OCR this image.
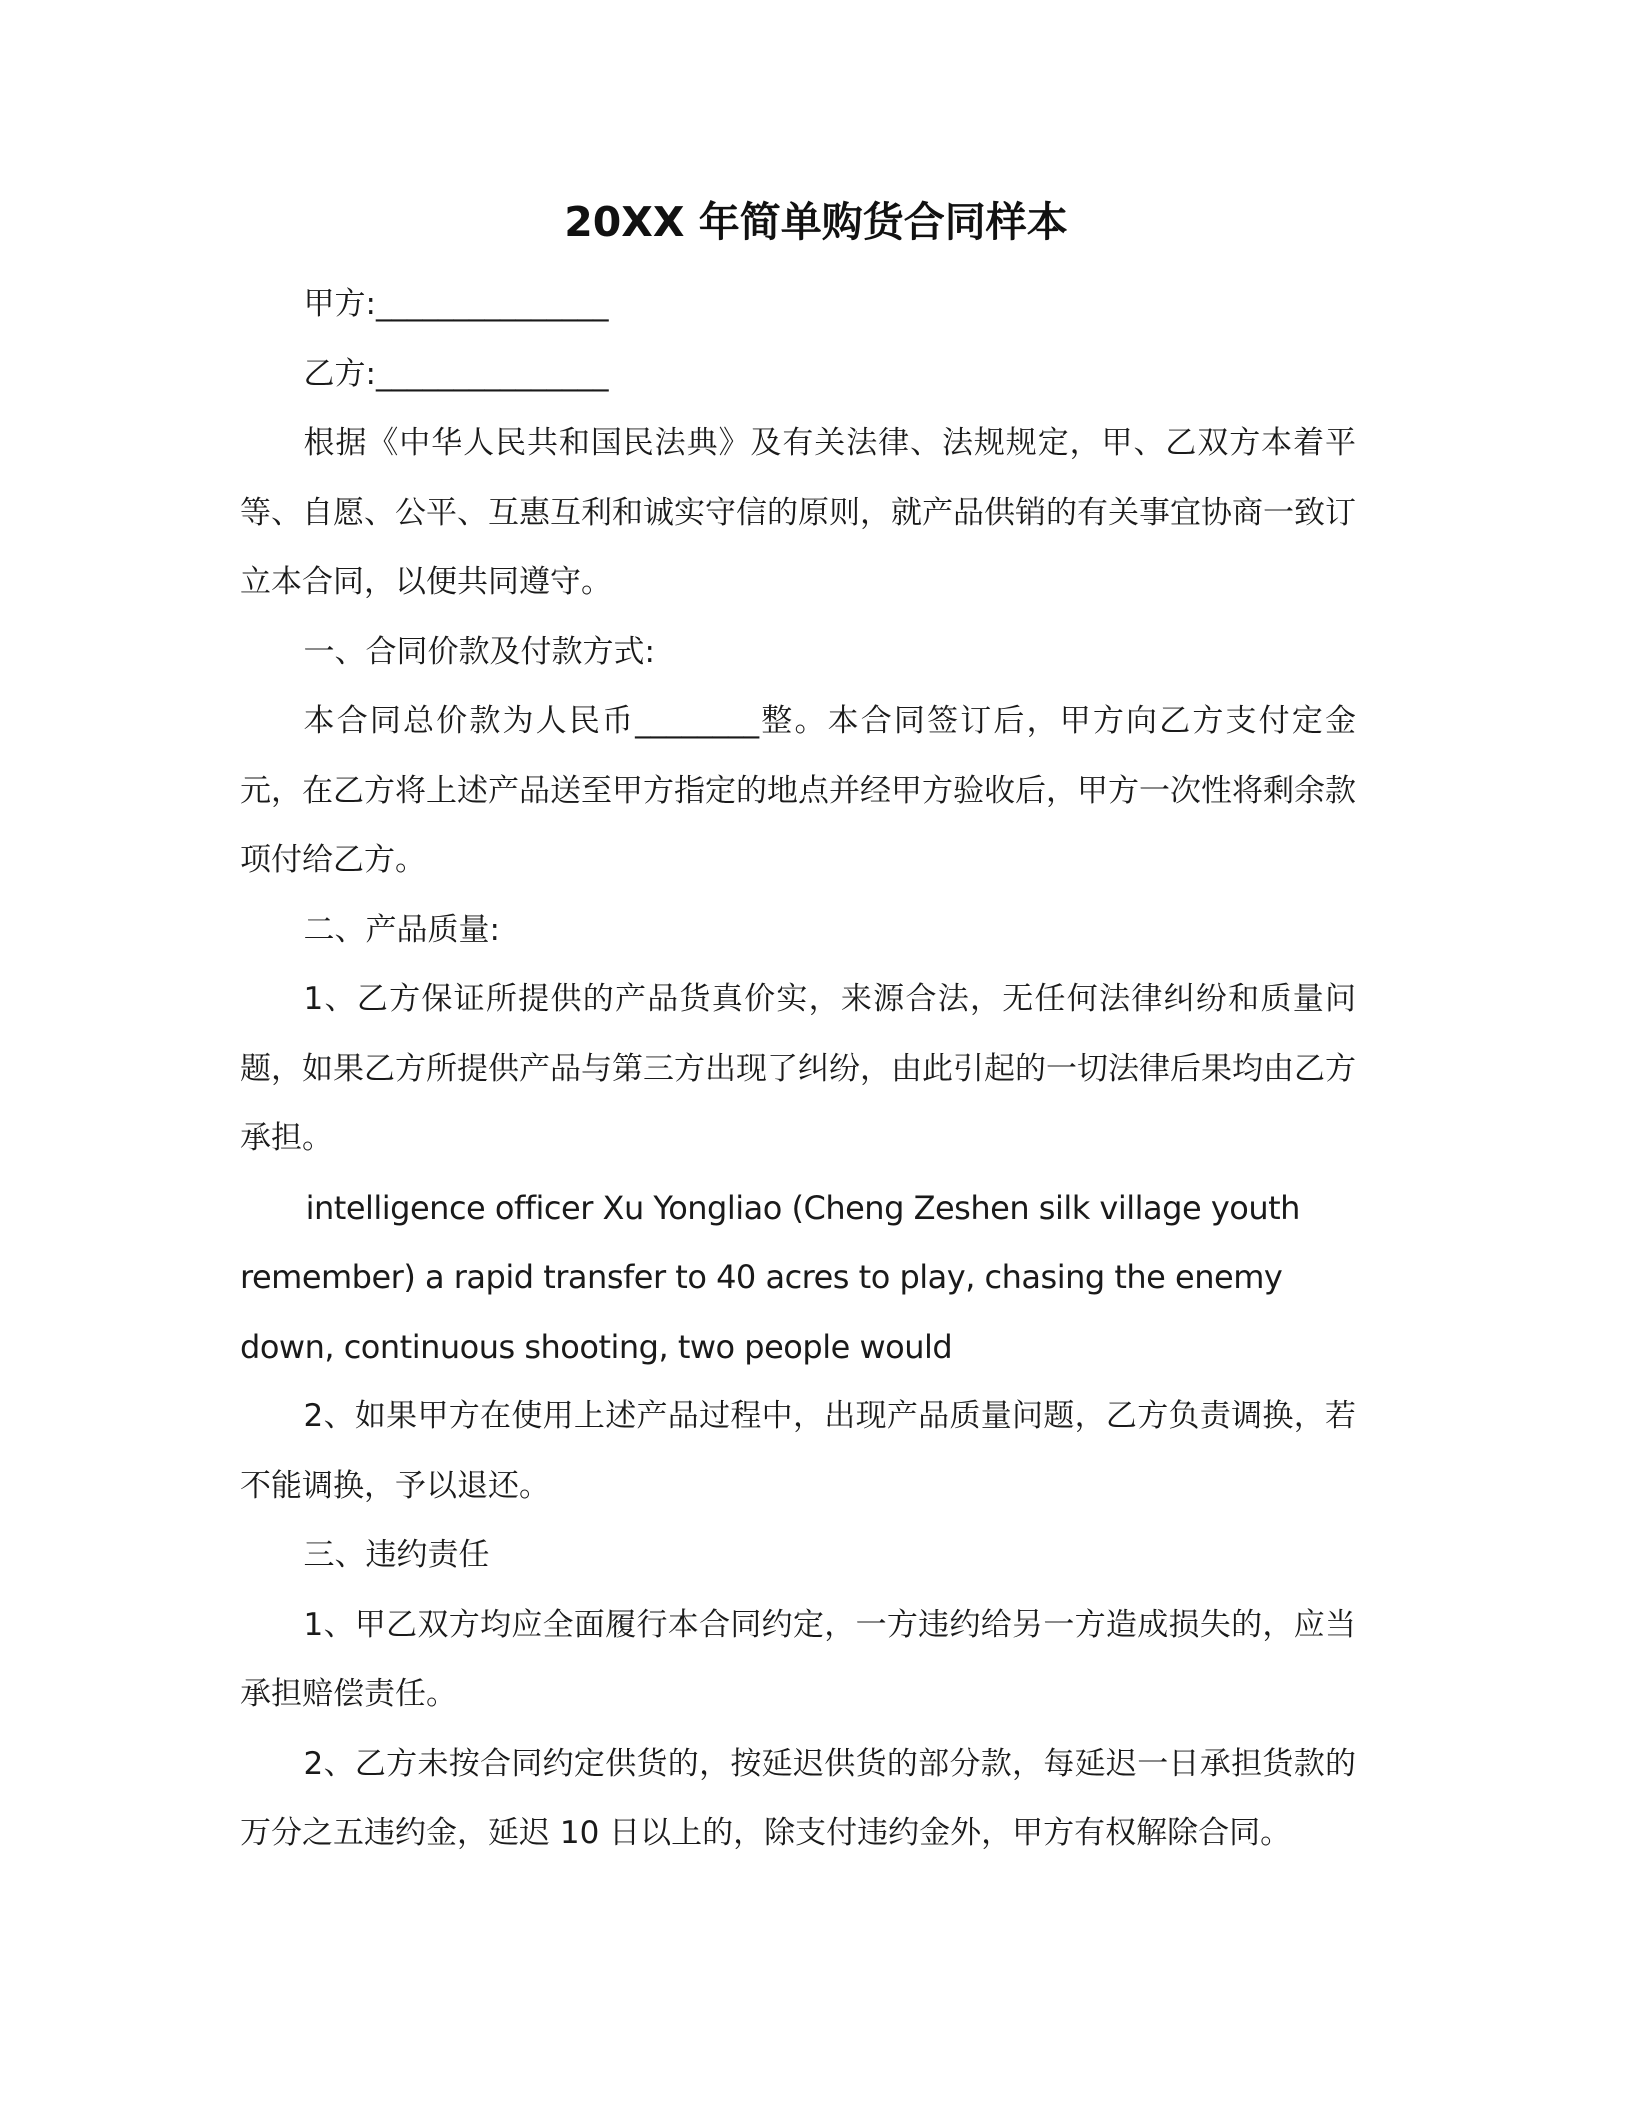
20XX 年简单购货合同样本

甲方:_______________

乙方:_______________

根据《中华人民共和国民法典》及有关法律、法规规定，甲、乙双方本着平等、自愿、公平、互惠互利和诚实守信的原则，就产品供销的有关事宜协商一致订立本合同，以便共同遵守。

一、合同价款及付款方式:

本合同总价款为人民币________整。本合同签订后，甲方向乙方支付定金 元，在乙方将上述产品送至甲方指定的地点并经甲方验收后，甲方一次性将剩余款项付给乙方。

二、产品质量:

1、乙方保证所提供的产品货真价实，来源合法，无任何法律纠纷和质量问题，如果乙方所提供产品与第三方出现了纠纷，由此引起的一切法律后果均由乙方承担。

intelligence officer Xu Yongliao (Cheng Zeshen silk village youth remember) a rapid transfer to 40 acres to play, chasing the enemy down, continuous shooting, two people would

2、如果甲方在使用上述产品过程中，出现产品质量问题，乙方负责调换，若不能调换，予以退还。

三、违约责任

1、甲乙双方均应全面履行本合同约定，一方违约给另一方造成损失的，应当承担赔偿责任。

2、乙方未按合同约定供货的，按延迟供货的部分款，每延迟一日承担货款的万分之五违约金，延迟 10 日以上的，除支付违约金外，甲方有权解除合同。
